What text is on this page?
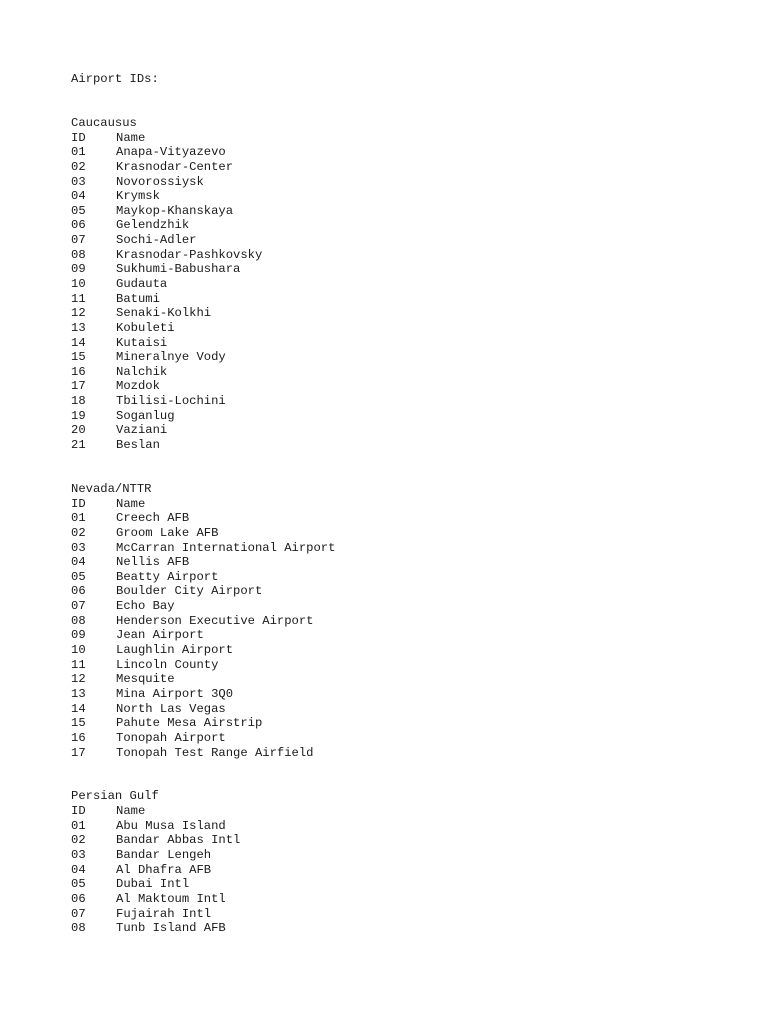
Airport IDs:
Caucausus
ID	Name
01	Anapa-Vityazevo
02	Krasnodar-Center
03	Novorossiysk
04	Krymsk
05	Maykop-Khanskaya
06	Gelendzhik
07	Sochi-Adler
08	Krasnodar-Pashkovsky
09	Sukhumi-Babushara
10	Gudauta
11	Batumi
12	Senaki-Kolkhi
13	Kobuleti
14	Kutaisi
15	Mineralnye Vody
16	Nalchik
17	Mozdok
18	Tbilisi-Lochini
19	Soganlug
20	Vaziani
21	Beslan
Nevada/NTTR
ID	Name
01	Creech AFB
02	Groom Lake AFB
03	McCarran International Airport
04	Nellis AFB
05	Beatty Airport
06	Boulder City Airport
07	Echo Bay
08	Henderson Executive Airport
09	Jean Airport
10	Laughlin Airport
11	Lincoln County
12	Mesquite
13	Mina Airport 3Q0
14	North Las Vegas
15	Pahute Mesa Airstrip
16	Tonopah Airport
17	Tonopah Test Range Airfield
Persian Gulf
ID	Name
01	Abu Musa Island
02	Bandar Abbas Intl
03	Bandar Lengeh
04	Al Dhafra AFB
05	Dubai Intl
06	Al Maktoum Intl
07	Fujairah Intl
08	Tunb Island AFB
